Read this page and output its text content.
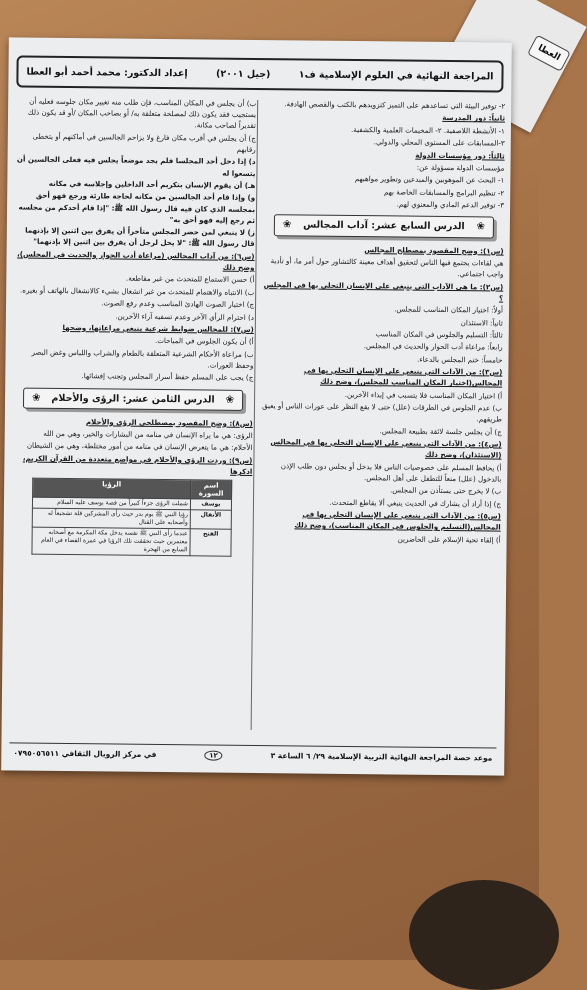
العطا
المراجعة النهائية في العلوم الإسلامية ف١
(جيل ٢٠٠١)
إعداد الدكتور: محمد أحمد أبو العطا

٢- توفير البيئة التي تساعدهم على التميز كتزويدهم بالكتب والقصص الهادفة.

ثانياً: دور المدرسة

١- الأنشطة اللاصفية. ٢- المخيمات العلمية والكشفية.

٣-المسابقات على المستوى المحلي والدولي.

ثالثاً: دور مؤسسات الدولة

مؤسسات الدولة مسؤولة عن:

١- البحث عن الموهوبين والمبدعين وتطوير مواهبهم

٢- تنظيم البرامج والمسابقات الخاصة بهم

٣- توفير الدعم المادي والمعنوي لهم.

❀
الدرس السابع عشر: آداب المجالس
❀

(س١): وضح المقصود بمصطلح المجالس

هي لقاءات يجتمع فيها الناس لتحقيق أهداف معينة كالتشاور حول أمر ما، أو تأدية واجب اجتماعي.

(س٢): ما هي الآداب التي ينبغي على الإنسان التحلي بها في المجلس ؟

أولاً: اختيار المكان المناسب للمجلس.

ثانياً: الاستئذان

ثالثاً: التسليم والجلوس في المكان المناسب

رابعاً: مراعاة أدب الحوار والحديث في المجلس.

خامساً: ختم المجلس بالدعاء.

(س٣): من الآداب التي ينبغي على الإنسان التحلي بها في المجالس(اختيار المكان المناسب للمجلس)، وضح ذلك

أ) اختيار المكان المناسب فلا يتسبب في إيذاء الآخرين.

ب) عدم الجلوس في الطرقات (علل) حتى لا يقع النظر على عورات الناس أو يعيق طريقهم.

ج) أن يجلس جلسة لائقة بطبيعة المجلس.

(س٤): من الآداب التي ينبغي على الإنسان التحلي بها في المجالس (الاستئذان)، وضح ذلك

أ) يحافظ المسلم على خصوصيات الناس فلا يدخل أو يجلس دون طلب الإذن بالدخول (علل) منعاً للتطفل على أهل المجلس.

ب) لا يخرج حتى يستأذن من المجلس.

ج) إذا أراد أن يشارك في الحديث ينبغي ألا يقاطع المتحدث.

(س٥): من الآداب التي ينبغي على الإنسان التحلي بها في المجالس(التسليم والجلوس في المكان المناسب)، وضح ذلك

أ) إلقاء تحية الإسلام على الحاضرين

ب) أن يجلس في المكان المناسب، فإن طلب منه تغيير مكان جلوسه فعليه أن يستجيب فقد يكون ذلك لمصلحة متعلقة به/ أو بصاحب المكان /أو قد يكون ذلك تقديراً لصاحب مكانة.

ج) أن يجلس في أقرب مكان فارغ ولا يزاحم الجالسين في أماكنهم أو يتخطى رقابهم

د) إذا دخل أحد المجلسا فلم يجد موضعاً يجلس فيه فعلى الجالسين أن يتسعوا له

هـ) أن يقوم الإنسان بتكريم أحد الداخلين وإجلاسه في مكانه

و) وإذا قام أحد الجالسين من مكانه لحاجة طارئة ورجع فهو أحق بمجلسه الذي كان فيه قال رسول الله ﷺ: "إذا قام أحدكم من مجلسه ثم رجع إليه فهو أحق به"

ز) لا ينبغي لمن حضر المجلس متأخراً أن يفرق بين اثنين إلا بإذنهما قال رسول الله ﷺ: "لا يحل لرجل أن يفرق بين اثنين إلا بإذنهما"

(س٦): من آداب المجالس (مراعاة أدب الحوار والحديث في المجلس)، وضح ذلك

أ) حسن الاستماع للمتحدث من غير مقاطعة.

ب) الانتباه والاهتمام للمتحدث من غير انشغال بشيء كالانشغال بالهاتف أو بغيره.

ج) اختيار الصوت الهادئ المناسب وعدم رفع الصوت.

د) احترام الرأي الآخر وعدم تسفيه آراء الآخرين.

(س٧): للمجالس ضوابط شرعية ينبغي مراعاتها، وضحها

أ) أن يكون الجلوس في المباحات.

ب) مراعاة الأحكام الشرعية المتعلقة بالطعام والشراب واللباس وغض البصر وحفظ العورات.

ج) يجب على المسلم حفظ أسرار المجلس وتجنب إفشائها.

❀
الدرس الثامن عشر: الرؤى والأحلام
❀

(س٨): وضح المقصود بمصطلحي الرؤى والأحلام

الرؤى: هي ما يراه الإنسان في منامه من البشارات والخير، وهي من الله

الأحلام: هي ما يتعرض الإنسان في منامه من أمور مختلطة، وهي من الشيطان

(س٩): وردت الرؤى والأحلام في مواضع متعددة من القرآن الكريم، اذكرها

اسم السورة	الرؤيا
يوسف	شملت الرؤى جزءاً كبيراً من قصة يوسف عليه السلام
الأنفال	رؤيا النبي ﷺ يوم بدر حيث رأى المشركين قلة تشجيعاً له وأصحابه على القتال
الفتح	عندما رأى النبي ﷺ نفسه يدخل مكة المكرمة مع أصحابه معتمرين حيث تحققت تلك الرؤيا في عمرة القضاء في العام السابع من الهجرة
موعد حصة المراجعة النهائية التربية الإسلامية ٢٩/ ٦ الساعة ٣
١٢
في مركز الرويال الثقافي ٠٧٩٥٠٥٦٥١١
